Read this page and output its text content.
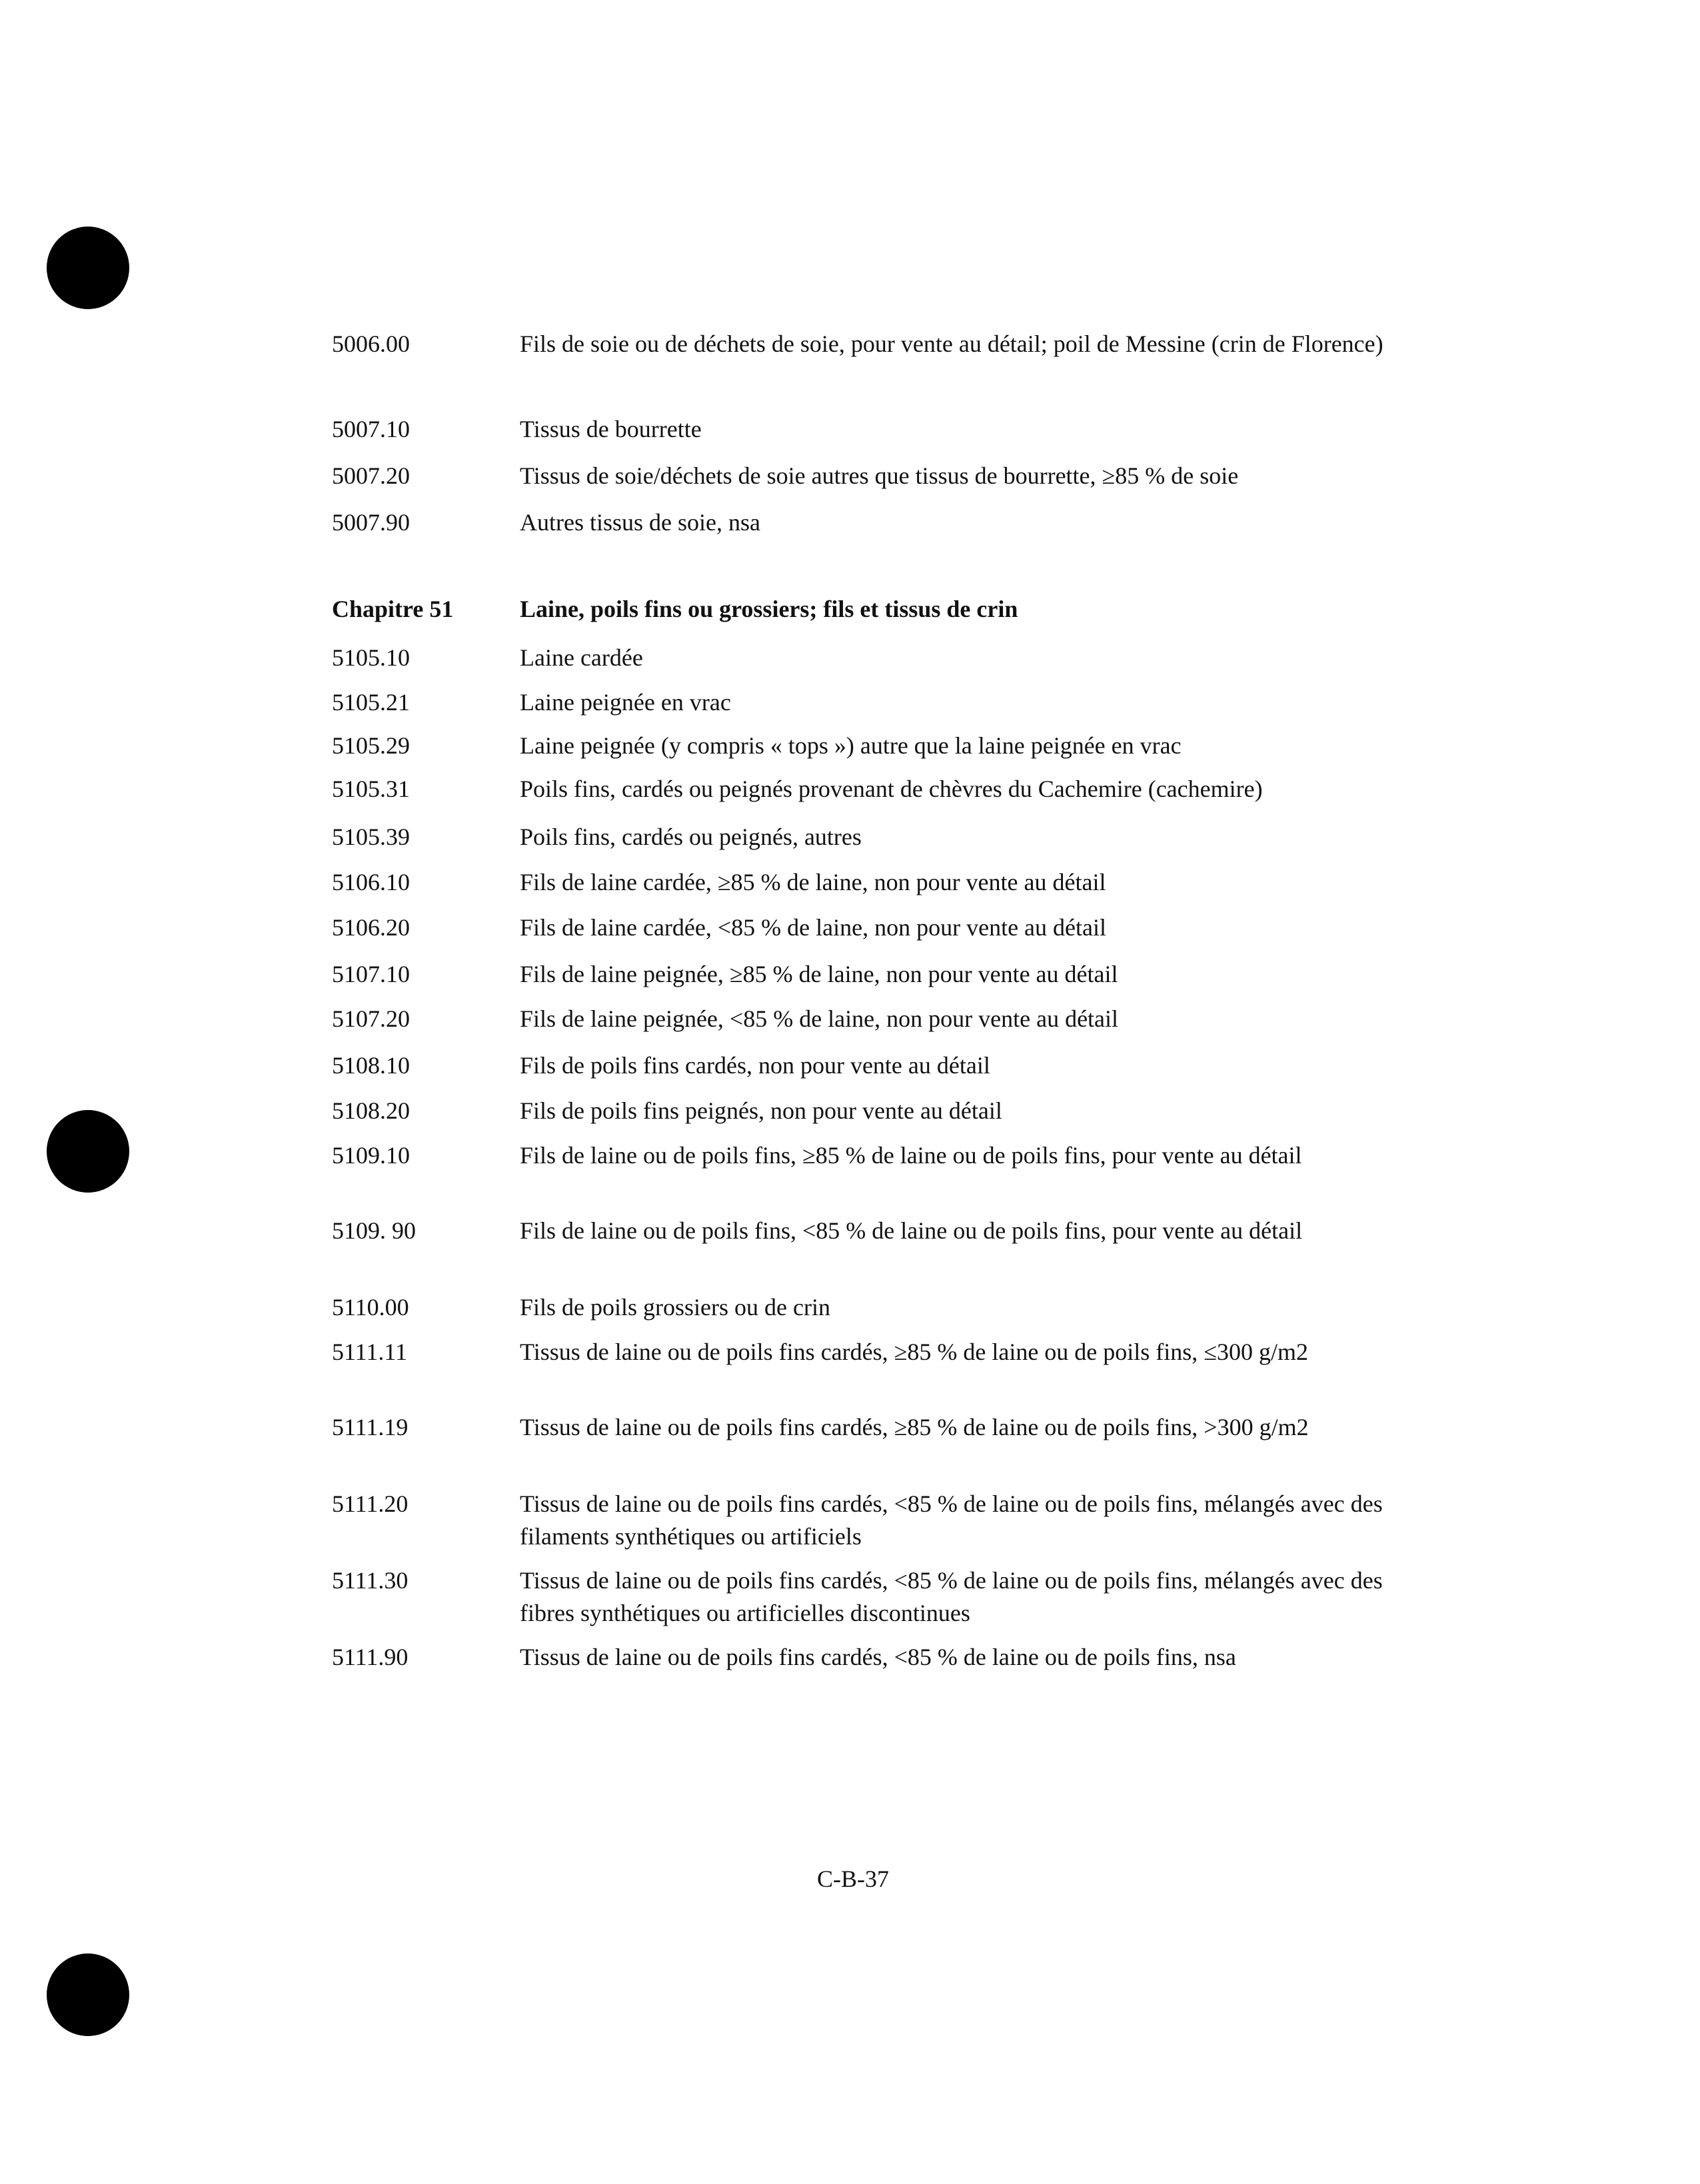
5006.00	Fils de soie ou de déchets de soie, pour vente au détail; poil de Messine (crin de Florence)
5007.10	Tissus de bourrette
5007.20	Tissus de soie/déchets de soie autres que tissus de bourrette, ≥85 % de soie
5007.90	Autres tissus de soie, nsa
Chapitre 51	Laine, poils fins ou grossiers; fils et tissus de crin
5105.10	Laine cardée
5105.21	Laine peignée en vrac
5105.29	Laine peignée (y compris « tops ») autre que la laine peignée en vrac
5105.31	Poils fins, cardés ou peignés provenant de chèvres du Cachemire (cachemire)
5105.39	Poils fins, cardés ou peignés, autres
5106.10	Fils de laine cardée, ≥85 % de laine, non pour vente au détail
5106.20	Fils de laine cardée, <85 % de laine, non pour vente au détail
5107.10	Fils de laine peignée, ≥85 % de laine, non pour vente au détail
5107.20	Fils de laine peignée, <85 % de laine, non pour vente au détail
5108.10	Fils de poils fins cardés, non pour vente au détail
5108.20	Fils de poils fins peignés, non pour vente au détail
5109.10	Fils de laine ou de poils fins, ≥85 % de laine ou de poils fins, pour vente au détail
5109. 90	Fils de laine ou de poils fins, <85 % de laine ou de poils fins, pour vente au détail
5110.00	Fils de poils grossiers ou de crin
5111.11	Tissus de laine ou de poils fins cardés, ≥85 % de laine ou de poils fins, ≤300 g/m2
5111.19	Tissus de laine ou de poils fins cardés, ≥85 % de laine ou de poils fins, >300 g/m2
5111.20	Tissus de laine ou de poils fins cardés, <85 % de laine ou de poils fins, mélangés avec des filaments synthétiques ou artificiels
5111.30	Tissus de laine ou de poils fins cardés, <85 % de laine ou de poils fins, mélangés avec des fibres synthétiques ou artificielles discontinues
5111.90	Tissus de laine ou de poils fins cardés, <85 % de laine ou de poils fins, nsa
C-B-37
